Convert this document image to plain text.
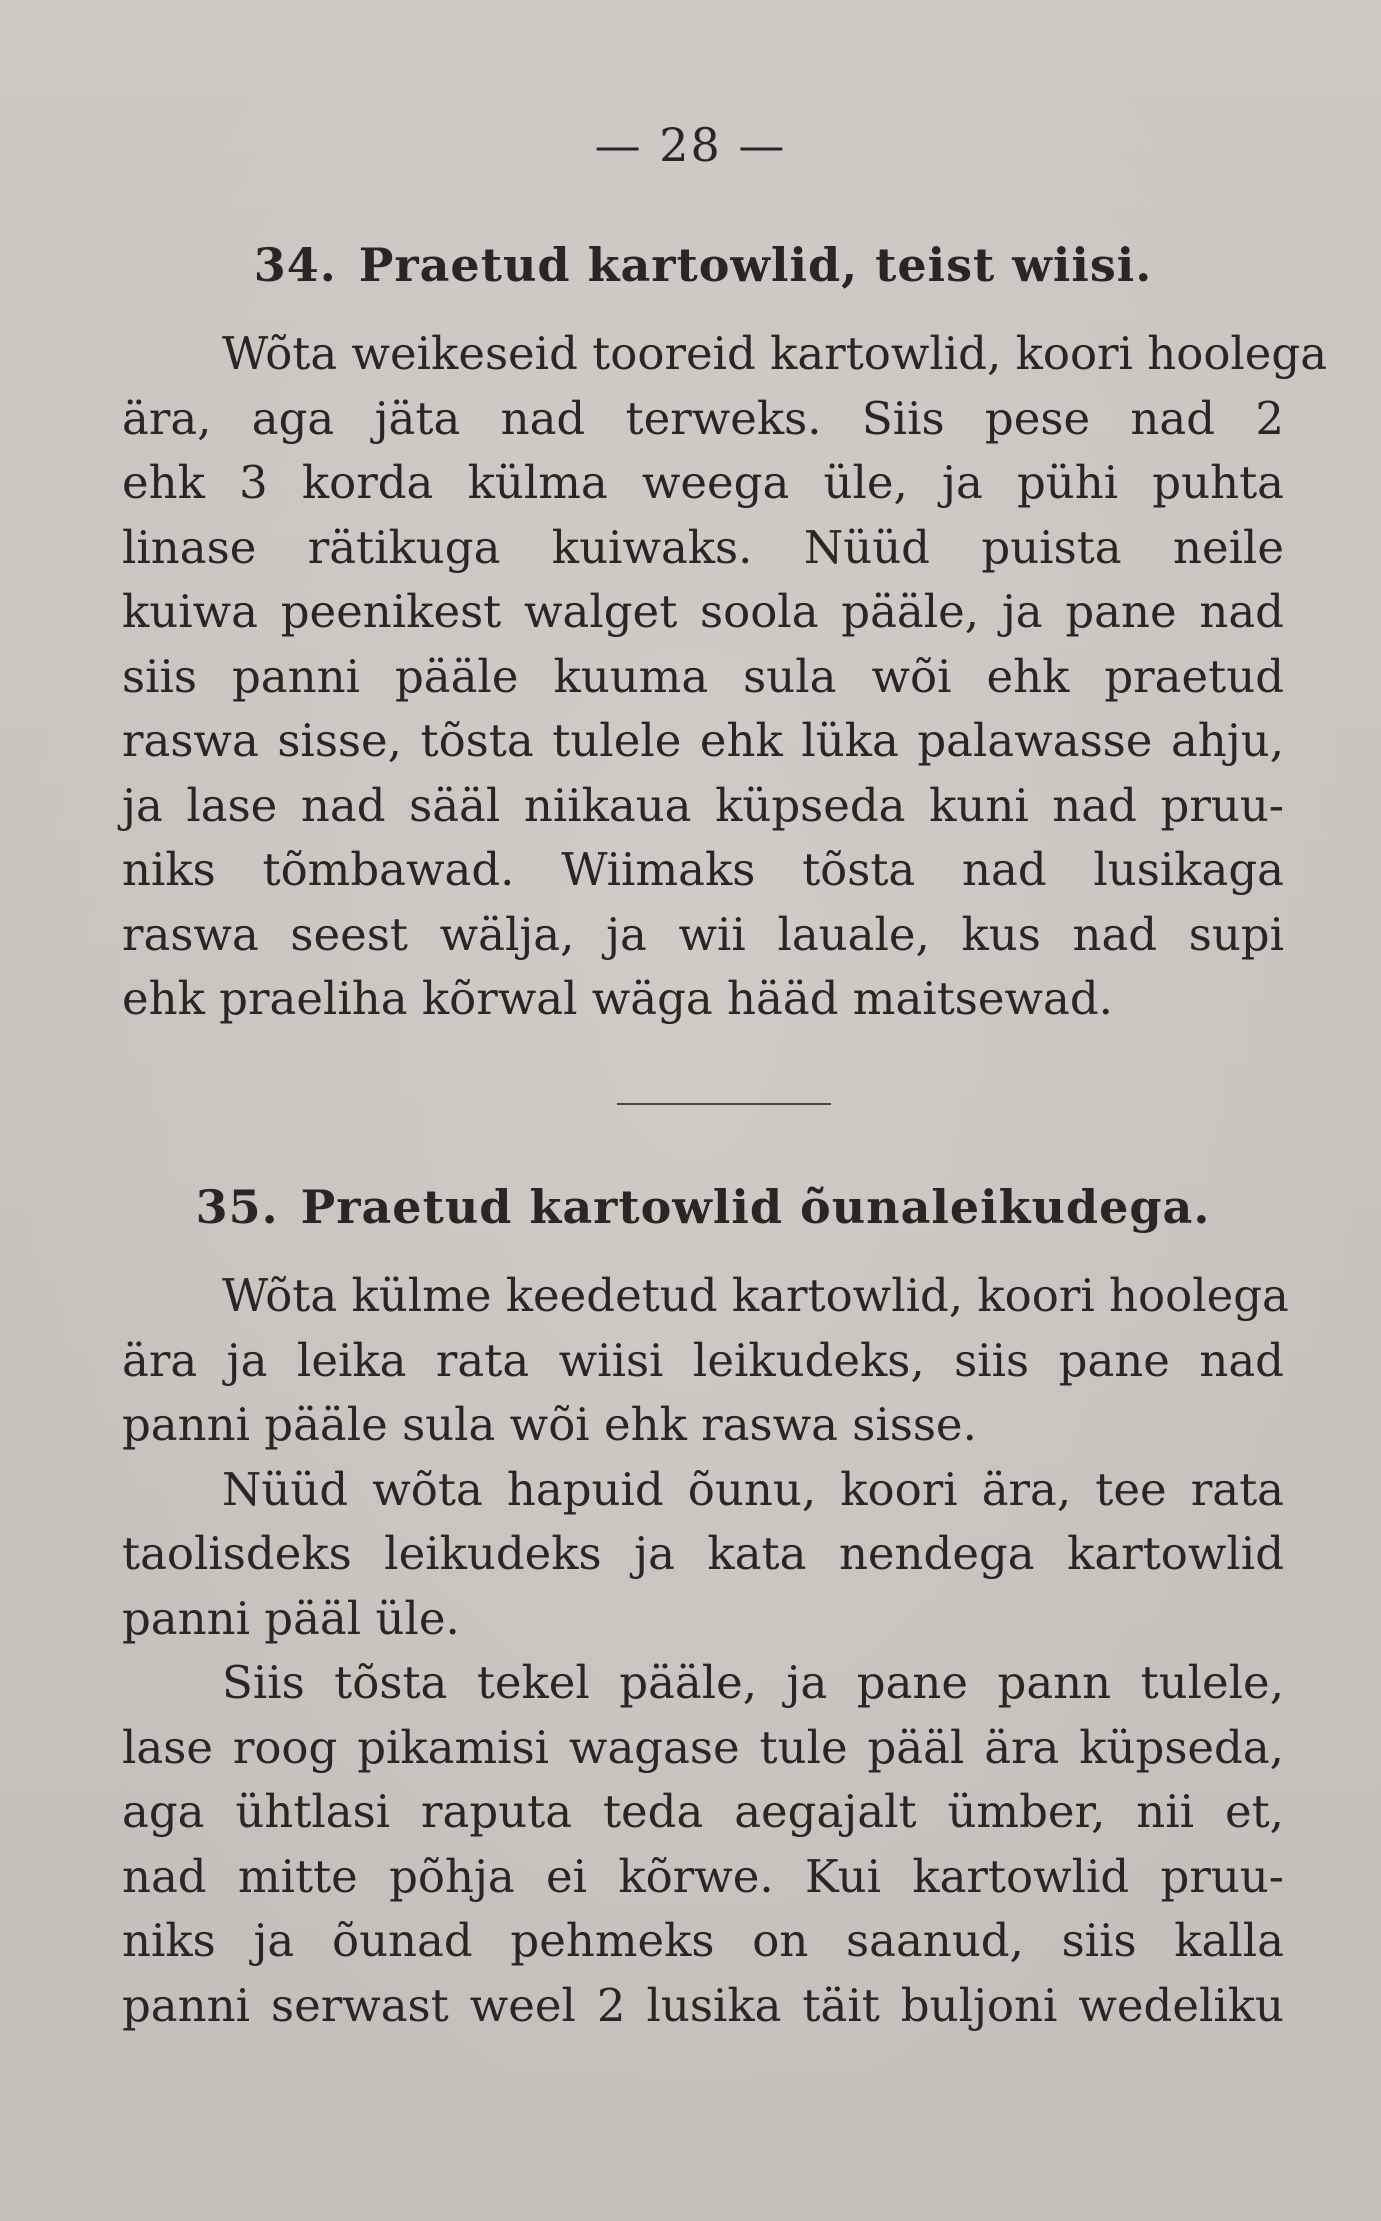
— 28 —
34. Praetud kartowlid, teist wiisi.
Wõta weikeseid tooreid kartowlid, koori hoolega
ära, aga jäta nad terweks. Siis pese nad 2
ehk 3 korda külma weega üle, ja pühi puhta
linase rätikuga kuiwaks. Nüüd puista neile
kuiwa peenikest walget soola pääle, ja pane nad
siis panni pääle kuuma sula wõi ehk praetud
raswa sisse, tõsta tulele ehk lüka palawasse ahju,
ja lase nad sääl niikaua küpseda kuni nad pruu-
niks tõmbawad. Wiimaks tõsta nad lusikaga
raswa seest wälja, ja wii lauale, kus nad supi
ehk praeliha kõrwal wäga hääd maitsewad.
35. Praetud kartowlid õunaleikudega.
Wõta külme keedetud kartowlid, koori hoolega
ära ja leika rata wiisi leikudeks, siis pane nad
panni pääle sula wõi ehk raswa sisse.
Nüüd wõta hapuid õunu, koori ära, tee rata
taolisdeks leikudeks ja kata nendega kartowlid
panni pääl üle.
Siis tõsta tekel pääle, ja pane pann tulele,
lase roog pikamisi wagase tule pääl ära küpseda,
aga ühtlasi raputa teda aegajalt ümber, nii et,
nad mitte põhja ei kõrwe. Kui kartowlid pruu-
niks ja õunad pehmeks on saanud, siis kalla
panni serwast weel 2 lusika täit buljoni wedeliku
